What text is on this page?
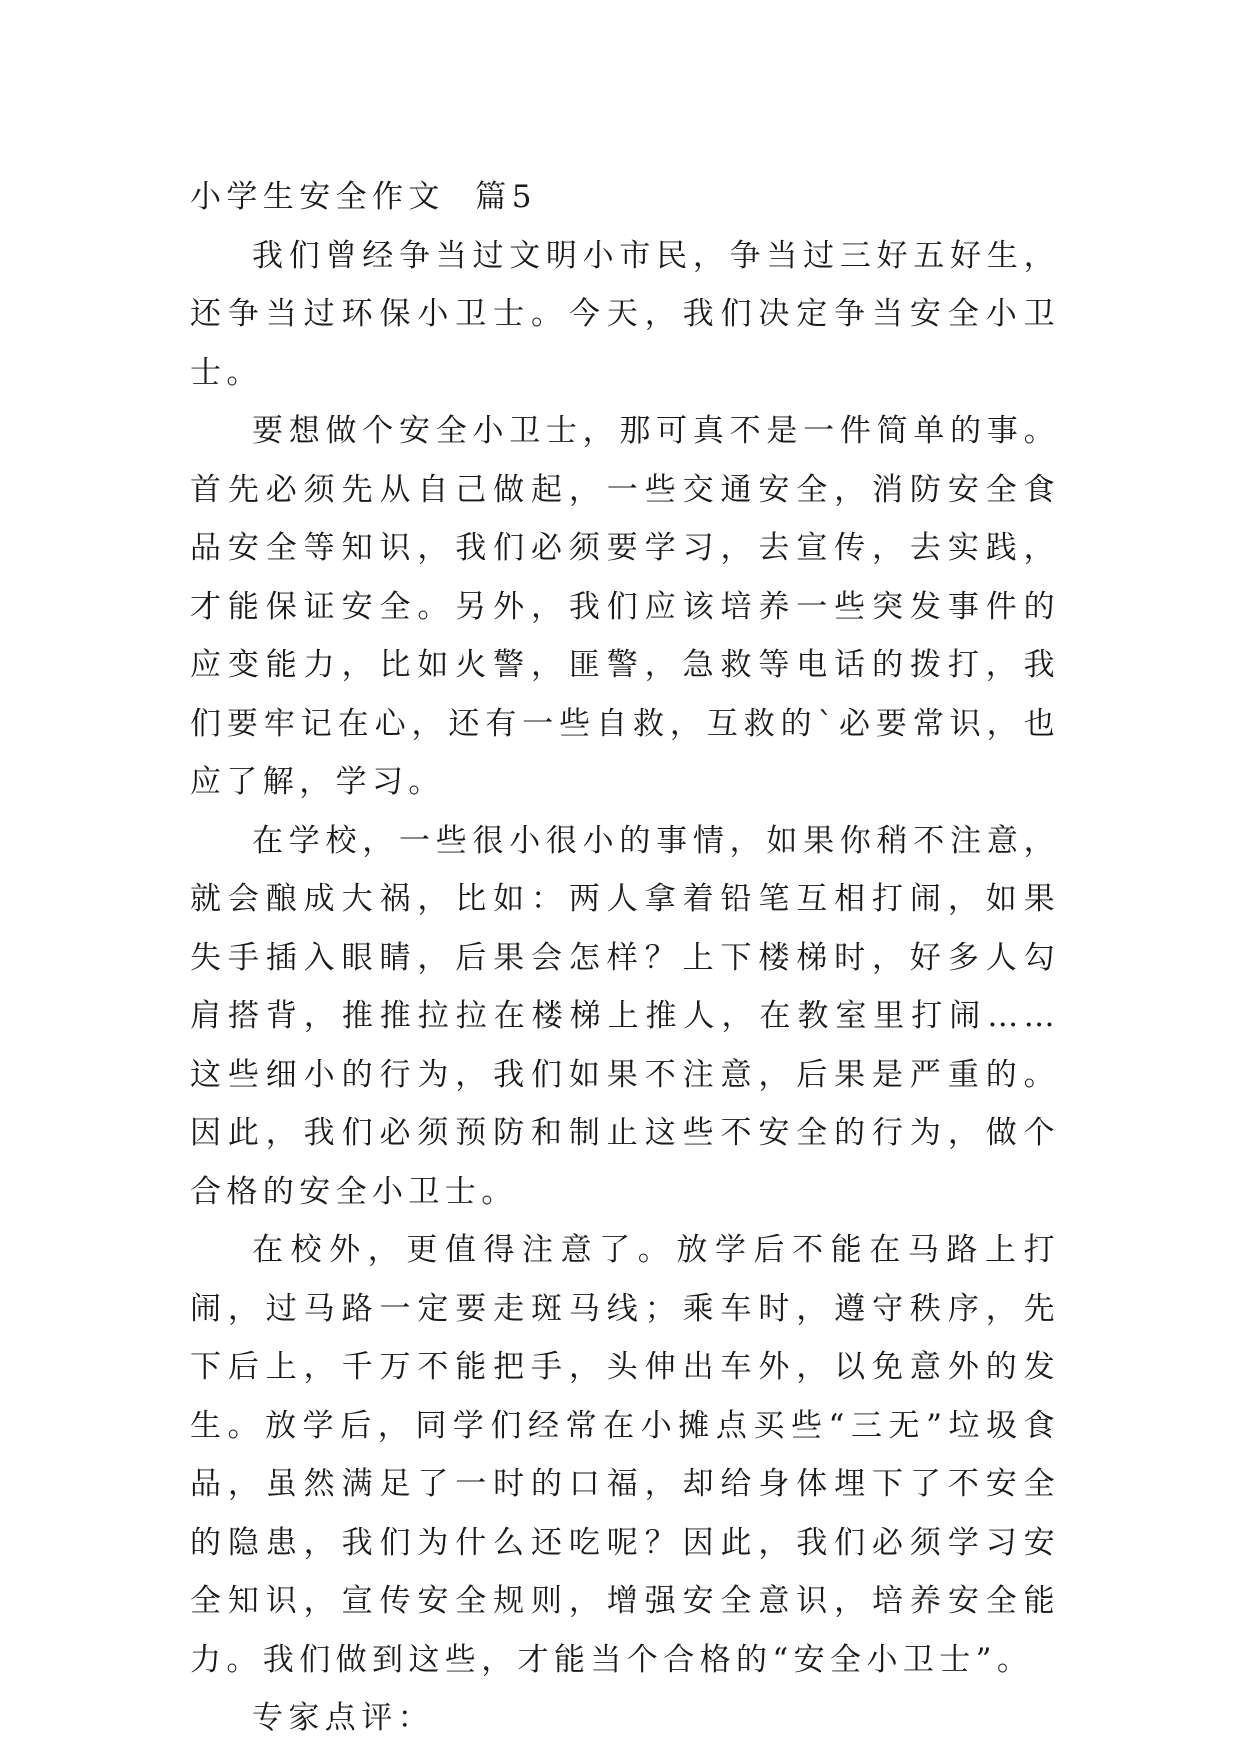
小学生安全作文  篇5

我们曾经争当过文明小市民，争当过三好五好生，还争当过环保小卫士。今天，我们决定争当安全小卫士。

要想做个安全小卫士，那可真不是一件简单的事。首先必须先从自己做起，一些交通安全，消防安全食品安全等知识，我们必须要学习，去宣传，去实践，才能保证安全。另外，我们应该培养一些突发事件的应变能力，比如火警，匪警，急救等电话的拨打，我们要牢记在心，还有一些自救，互救的`必要常识，也应了解，学习。

在学校，一些很小很小的事情，如果你稍不注意，就会酿成大祸，比如：两人拿着铅笔互相打闹，如果失手插入眼睛，后果会怎样？上下楼梯时，好多人勾肩搭背，推推拉拉在楼梯上推人，在教室里打闹……这些细小的行为，我们如果不注意，后果是严重的。因此，我们必须预防和制止这些不安全的行为，做个合格的安全小卫士。

在校外，更值得注意了。放学后不能在马路上打闹，过马路一定要走斑马线；乘车时，遵守秩序，先下后上，千万不能把手，头伸出车外，以免意外的发生。放学后，同学们经常在小摊点买些“三无”垃圾食品，虽然满足了一时的口福，却给身体埋下了不安全的隐患，我们为什么还吃呢？因此，我们必须学习安全知识，宣传安全规则，增强安全意识，培养安全能力。我们做到这些，才能当个合格的“安全小卫士”。

专家点评：
